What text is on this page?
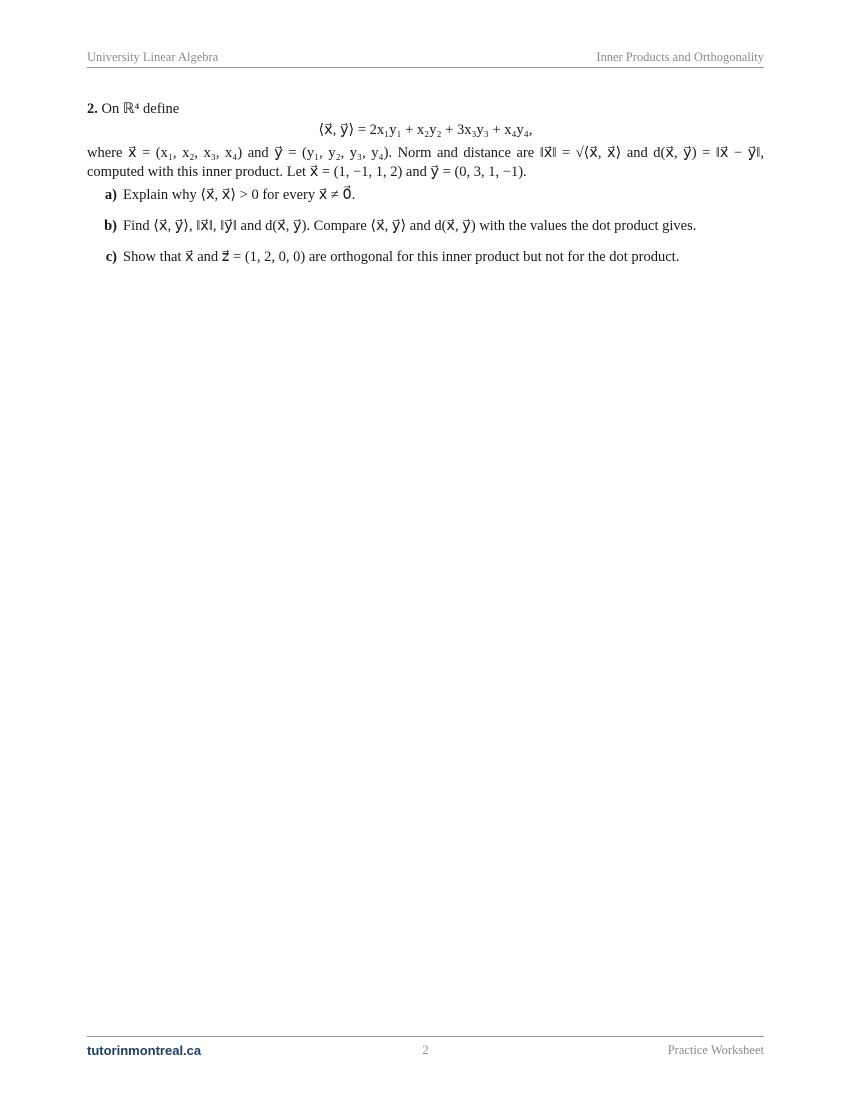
University Linear Algebra	Inner Products and Orthogonality

2. On ℝ⁴ define

⟨x⃗, y⃗⟩ = 2x₁y₁ + x₂y₂ + 3x₃y₃ + x₄y₄,

where x⃗ = (x₁, x₂, x₃, x₄) and y⃗ = (y₁, y₂, y₃, y₄). Norm and distance are ‖x⃗‖ = √⟨x⃗, x⃗⟩ and d(x⃗, y⃗) = ‖x⃗ − y⃗‖, computed with this inner product. Let x⃗ = (1, −1, 1, 2) and y⃗ = (0, 3, 1, −1).

a) Explain why ⟨x⃗, x⃗⟩ > 0 for every x⃗ ≠ 0⃗.
b) Find ⟨x⃗, y⃗⟩, ‖x⃗‖, ‖y⃗‖ and d(x⃗, y⃗). Compare ⟨x⃗, y⃗⟩ and d(x⃗, y⃗) with the values the dot product gives.
c) Show that x⃗ and z⃗ = (1, 2, 0, 0) are orthogonal for this inner product but not for the dot product.
tutorinmontreal.ca	2	Practice Worksheet
